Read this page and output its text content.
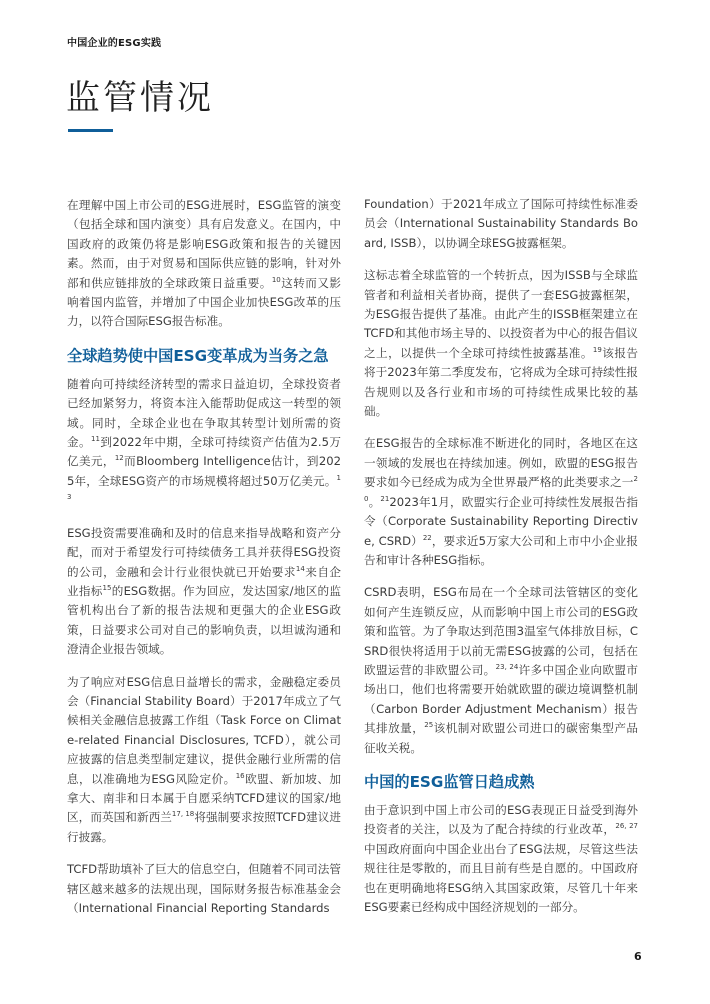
中国企业的ESG实践
监管情况

在理解中国上市公司的ESG进展时，ESG监管的演变（包括全球和国内演变）具有启发意义。在国内，中国政府的政策仍将是影响ESG政策和报告的关键因素。然而，由于对贸易和国际供应链的影响，针对外部和供应链排放的全球政策日益重要。$^{10}$这转而又影响着国内监管，并增加了中国企业加快ESG改革的压力，以符合国际ESG报告标准。

全球趋势使中国ESG变革成为当务之急

随着向可持续经济转型的需求日益迫切，全球投资者已经加紧努力，将资本注入能帮助促成这一转型的领域。同时，全球企业也在争取其转型计划所需的资金。$^{11}$到2022年中期，全球可持续资产估值为2.5万亿美元，$^{12}$而Bloomberg Intelligence估计，到2025年，全球ESG资产的市场规模将超过50万亿美元。$^{13}$

ESG投资需要准确和及时的信息来指导战略和资产分配，而对于希望发行可持续债务工具并获得ESG投资的公司，金融和会计行业很快就已开始要求$^{14}$来自企业指标$^{15}$的ESG数据。作为回应，发达国家/地区的监管机构出台了新的报告法规和更强大的企业ESG政策，日益要求公司对自己的影响负责，以坦诚沟通和澄清企业报告领域。

为了响应对ESG信息日益增长的需求，金融稳定委员会（Financial Stability Board）于2017年成立了气候相关金融信息披露工作组（Task Force on Climate-related Financial Disclosures, TCFD），就公司应披露的信息类型制定建议，提供金融行业所需的信息，以准确地为ESG风险定价。$^{16}$欧盟、新加坡、加拿大、南非和日本属于自愿采纳TCFD建议的国家/地区，而英国和新西兰$^{17, 18}$将强制要求按照TCFD建议进行披露。

TCFD帮助填补了巨大的信息空白，但随着不同司法管辖区越来越多的法规出现，国际财务报告标准基金会（International Financial Reporting Standards

Foundation）于2021年成立了国际可持续性标准委员会（International Sustainability Standards Board, ISSB），以协调全球ESG披露框架。

这标志着全球监管的一个转折点，因为ISSB与全球监管者和利益相关者协商，提供了一套ESG披露框架，为ESG报告提供了基准。由此产生的ISSB框架建立在TCFD和其他市场主导的、以投资者为中心的报告倡议之上，以提供一个全球可持续性披露基准。$^{19}$该报告将于2023年第二季度发布，它将成为全球可持续性报告规则以及各行业和市场的可持续性成果比较的基础。

在ESG报告的全球标准不断进化的同时，各地区在这一领域的发展也在持续加速。例如，欧盟的ESG报告要求如今已经成为成为全世界最严格的此类要求之一$^{20}$。$^{21}$2023年1月，欧盟实行企业可持续性发展报告指令（Corporate Sustainability Reporting Directive, CSRD）$^{22}$，要求近5万家大公司和上市中小企业报告和审计各种ESG指标。

CSRD表明，ESG布局在一个全球司法管辖区的变化如何产生连锁反应，从而影响中国上市公司的ESG政策和监管。为了争取达到范围3温室气体排放目标，CSRD很快将适用于以前无需ESG披露的公司，包括在欧盟运营的非欧盟公司。$^{23, 24}$许多中国企业向欧盟市场出口，他们也将需要开始就欧盟的碳边境调整机制（Carbon Border Adjustment Mechanism）报告其排放量，$^{25}$该机制对欧盟公司进口的碳密集型产品征收关税。

中国的ESG监管日趋成熟

由于意识到中国上市公司的ESG表现正日益受到海外投资者的关注，以及为了配合持续的行业改革，$^{26, 27}$中国政府面向中国企业出台了ESG法规，尽管这些法规往往是零散的，而且目前有些是自愿的。中国政府也在更明确地将ESG纳入其国家政策，尽管几十年来ESG要素已经构成中国经济规划的一部分。

6
